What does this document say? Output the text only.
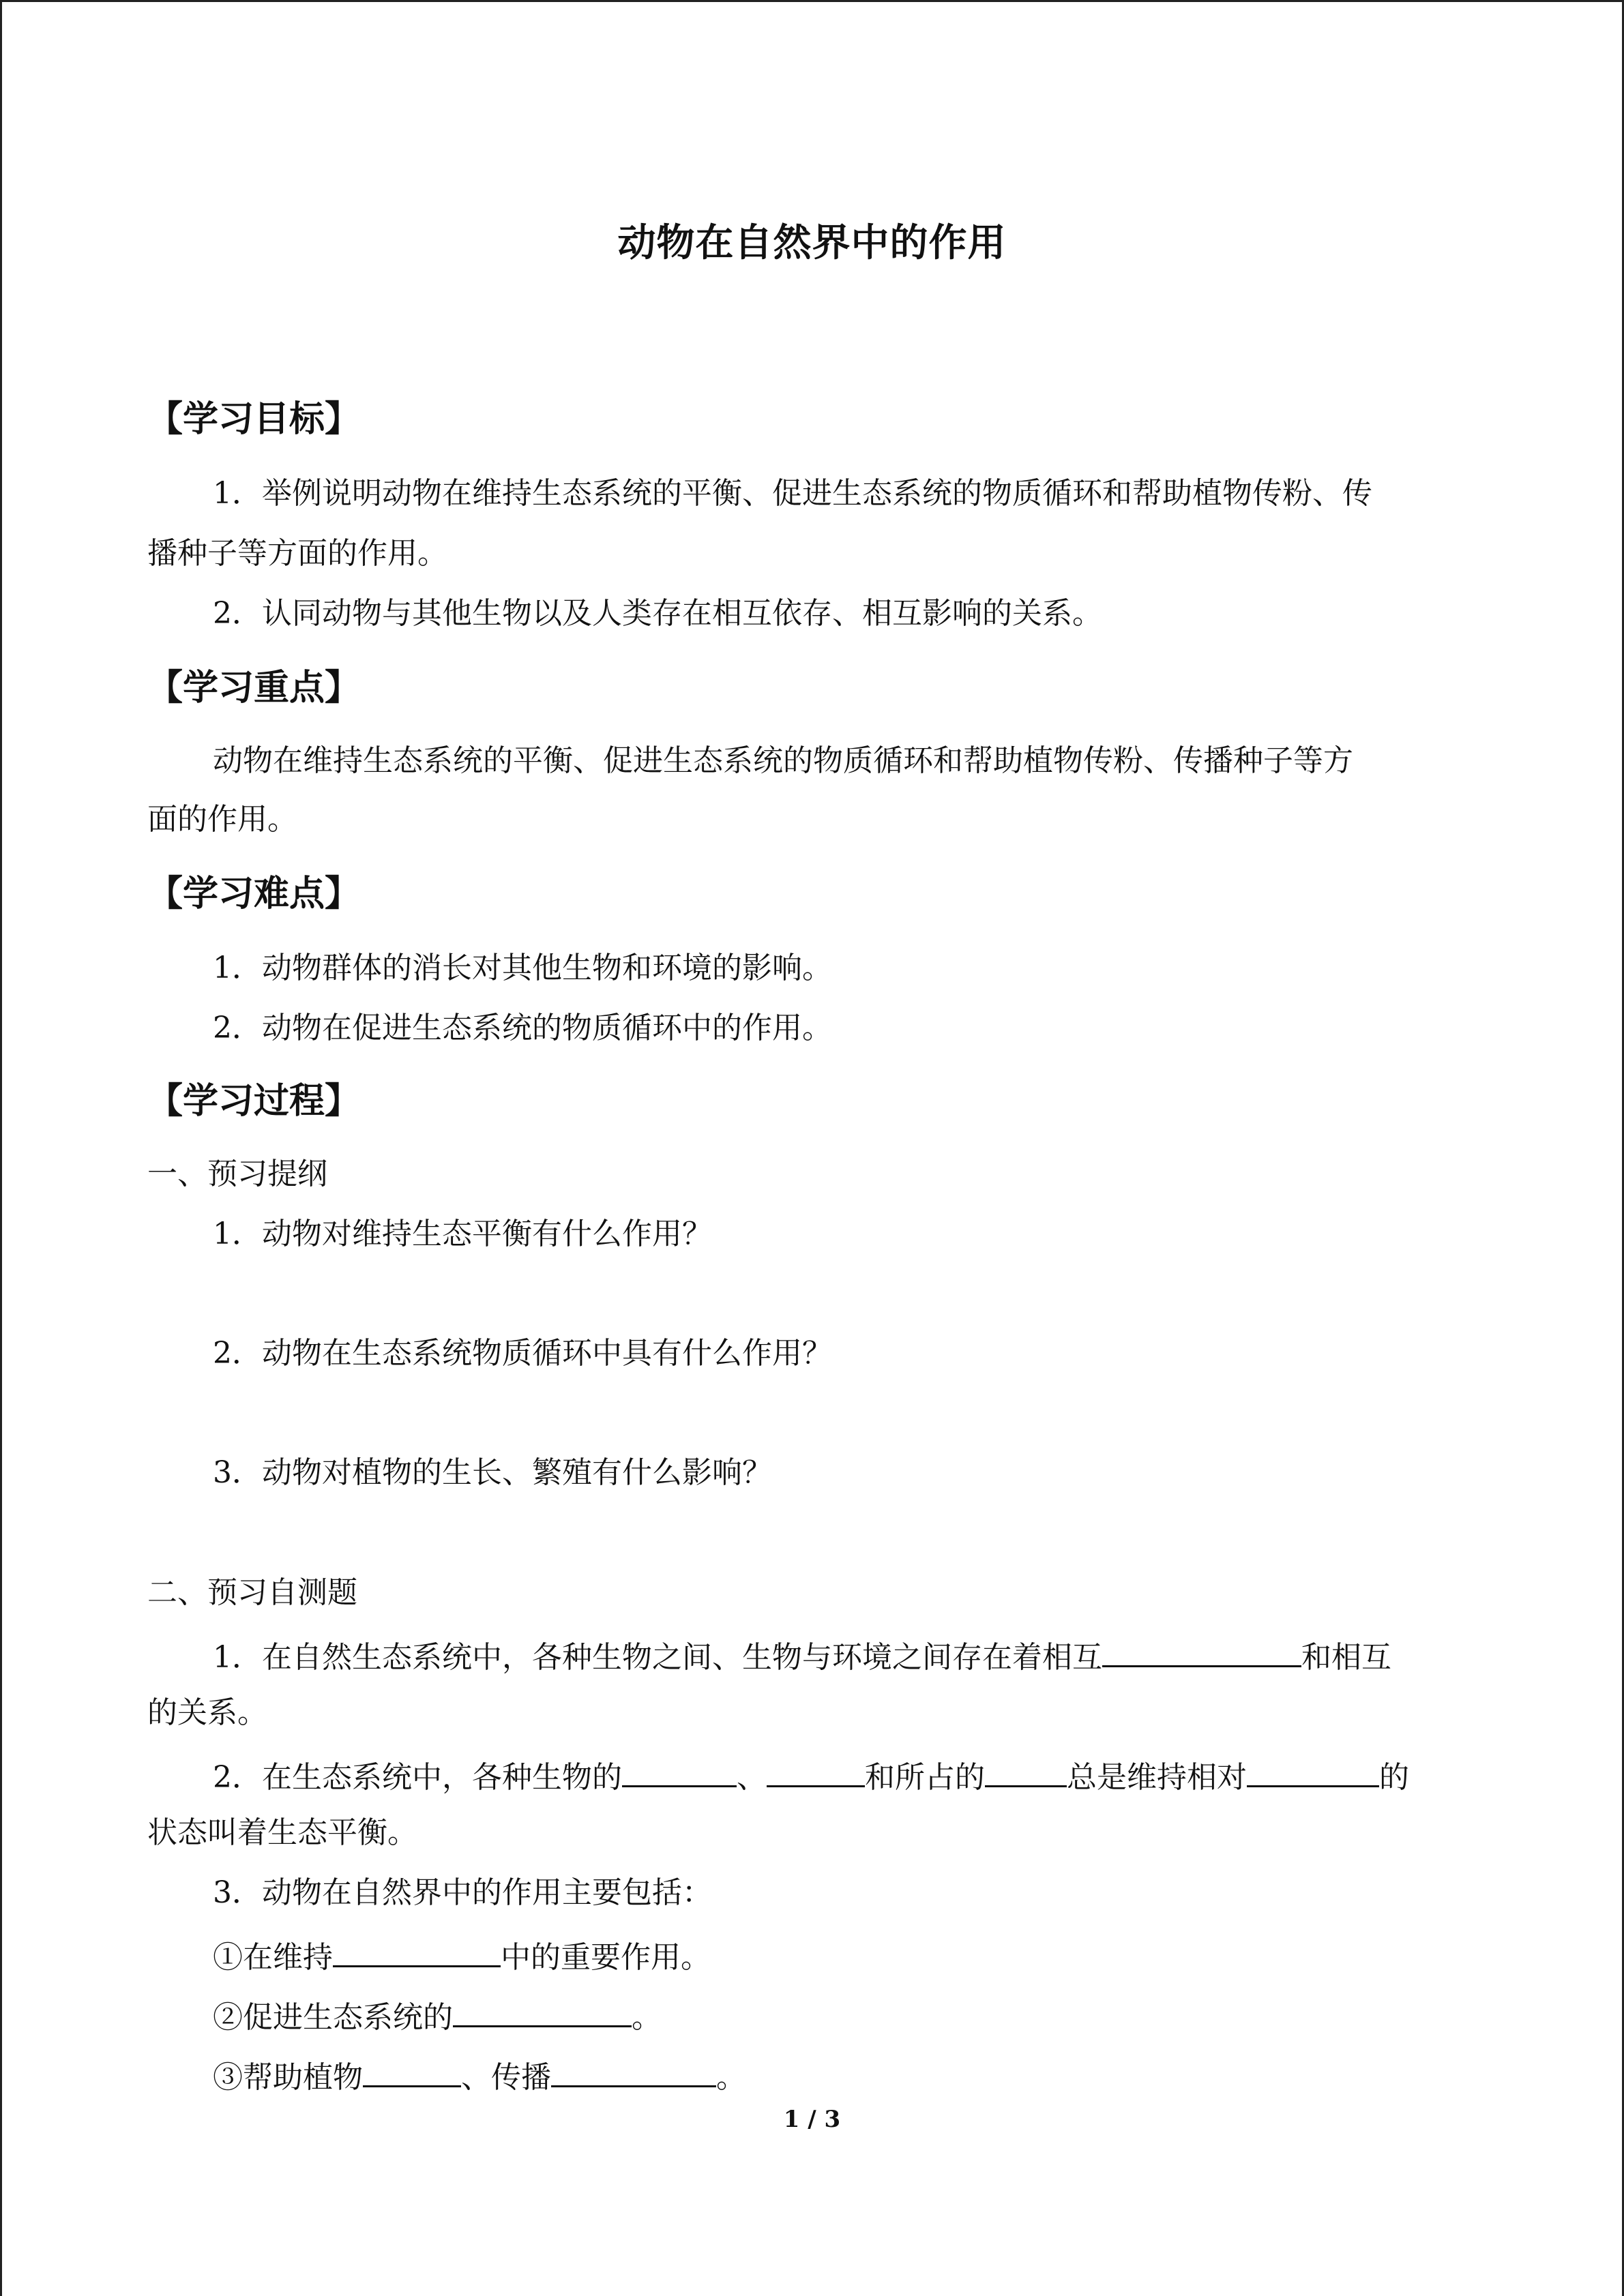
动物在自然界中的作用
【学习目标】
1．举例说明动物在维持生态系统的平衡、促进生态系统的物质循环和帮助植物传粉、传
播种子等方面的作用。
2．认同动物与其他生物以及人类存在相互依存、相互影响的关系。
【学习重点】
动物在维持生态系统的平衡、促进生态系统的物质循环和帮助植物传粉、传播种子等方
面的作用。
【学习难点】
1．动物群体的消长对其他生物和环境的影响。
2．动物在促进生态系统的物质循环中的作用。
【学习过程】
一、预习提纲
1．动物对维持生态平衡有什么作用？
2．动物在生态系统物质循环中具有什么作用？
3．动物对植物的生长、繁殖有什么影响？
二、预习自测题
1．在自然生态系统中，各种生物之间、生物与环境之间存在着相互	和相互
的关系。
2．在生态系统中，各种生物的	、	和所占的	总是维持相对	的
状态叫着生态平衡。
3．动物在自然界中的作用主要包括：
①在维持	中的重要作用。
②促进生态系统的	。
③帮助植物	、传播	。
1 / 3
